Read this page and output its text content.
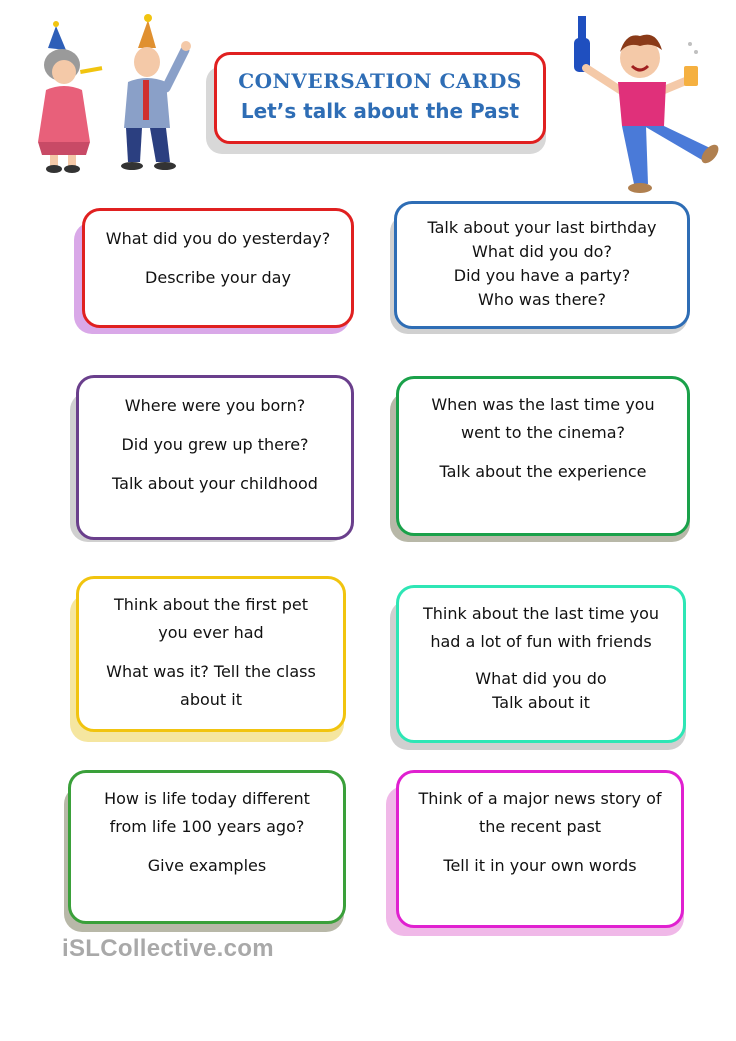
CONVERSATION CARDS
Let’s talk about the Past

What did you do yesterday?

Describe your day

Talk about your last birthday

What did you do?

Did you have a party?

Who was there?

Where were you born?

Did you grew up there?

Talk about your childhood

When was the last time you

went to the cinema?

Talk about the experience

Think about the first pet

you ever had

What was it? Tell the class

about it

Think about the last time you

had a lot of fun with friends

What did you do

Talk about it

How is life today different

from life 100 years ago?

Give examples

Think of a major news story of

the recent past

Tell it in your own words

iSLCollective.com
